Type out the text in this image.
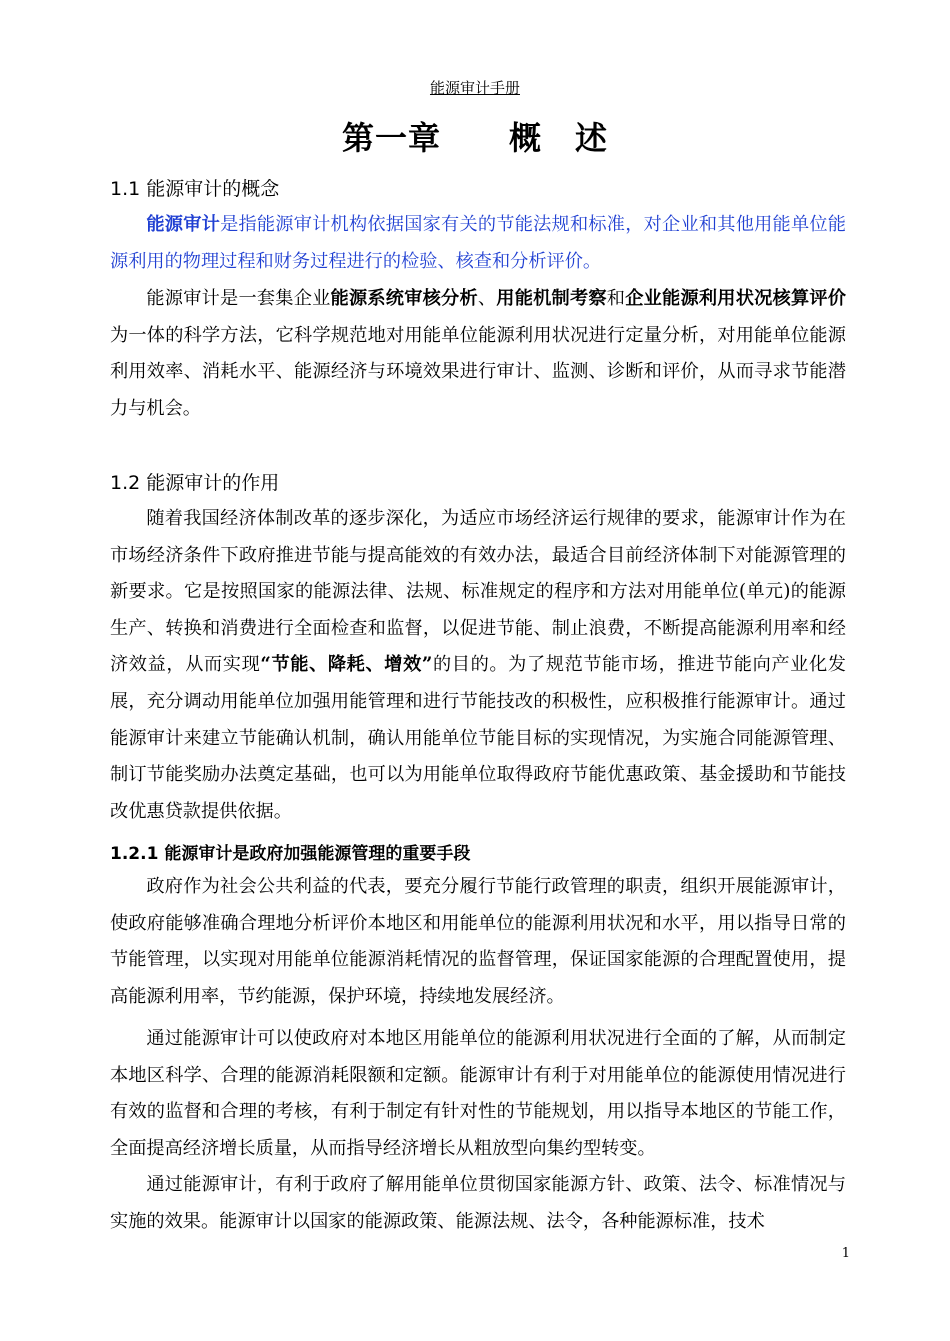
能源审计手册
第一章 概　述
1.1 能源审计的概念

能源审计是指能源审计机构依据国家有关的节能法规和标准，对企业和其他用能单位能源利用的物理过程和财务过程进行的检验、核查和分析评价。

能源审计是一套集企业能源系统审核分析、用能机制考察和企业能源利用状况核算评价为一体的科学方法，它科学规范地对用能单位能源利用状况进行定量分析，对用能单位能源利用效率、消耗水平、能源经济与环境效果进行审计、监测、诊断和评价，从而寻求节能潜力与机会。

1.2 能源审计的作用

随着我国经济体制改革的逐步深化，为适应市场经济运行规律的要求，能源审计作为在市场经济条件下政府推进节能与提高能效的有效办法，最适合目前经济体制下对能源管理的新要求。它是按照国家的能源法律、法规、标准规定的程序和方法对用能单位(单元)的能源生产、转换和消费进行全面检查和监督，以促进节能、制止浪费，不断提高能源利用率和经济效益，从而实现“节能、降耗、增效”的目的。为了规范节能市场，推进节能向产业化发展，充分调动用能单位加强用能管理和进行节能技改的积极性，应积极推行能源审计。通过能源审计来建立节能确认机制，确认用能单位节能目标的实现情况，为实施合同能源管理、制订节能奖励办法奠定基础，也可以为用能单位取得政府节能优惠政策、基金援助和节能技改优惠贷款提供依据。

1.2.1 能源审计是政府加强能源管理的重要手段

政府作为社会公共利益的代表，要充分履行节能行政管理的职责，组织开展能源审计，使政府能够准确合理地分析评价本地区和用能单位的能源利用状况和水平，用以指导日常的节能管理，以实现对用能单位能源消耗情况的监督管理，保证国家能源的合理配置使用，提高能源利用率，节约能源，保护环境，持续地发展经济。

通过能源审计可以使政府对本地区用能单位的能源利用状况进行全面的了解，从而制定本地区科学、合理的能源消耗限额和定额。能源审计有利于对用能单位的能源使用情况进行有效的监督和合理的考核，有利于制定有针对性的节能规划，用以指导本地区的节能工作，全面提高经济增长质量，从而指导经济增长从粗放型向集约型转变。

通过能源审计，有利于政府了解用能单位贯彻国家能源方针、政策、法令、标准情况与实施的效果。能源审计以国家的能源政策、能源法规、法令，各种能源标准，技术

1
